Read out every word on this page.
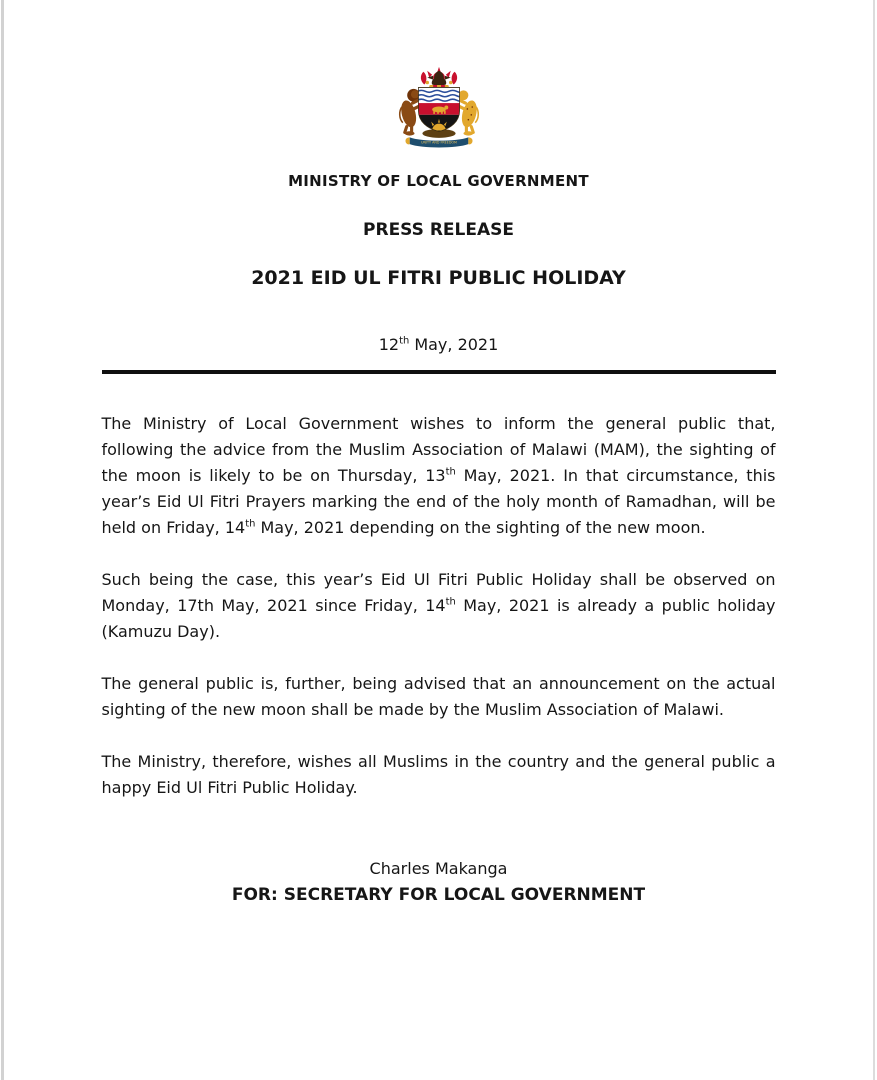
UNITY AND FREEDOM
MINISTRY OF LOCAL GOVERNMENT
PRESS RELEASE
2021 EID UL FITRI PUBLIC HOLIDAY
12th May, 2021

The Ministry of Local Government wishes to inform the general public that, following the advice from the Muslim Association of Malawi (MAM), the sighting of the moon is likely to be on Thursday, 13th May, 2021. In that circumstance, this year’s Eid Ul Fitri Prayers marking the end of the holy month of Ramadhan, will be held on Friday, 14th May, 2021 depending on the sighting of the new moon.

Such being the case, this year’s Eid Ul Fitri Public Holiday shall be observed on Monday, 17th May, 2021 since Friday, 14th May, 2021 is already a public holiday (Kamuzu Day).

The general public is, further, being advised that an announcement on the actual sighting of the new moon shall be made by the Muslim Association of Malawi.

The Ministry, therefore, wishes all Muslims in the country and the general public a happy Eid Ul Fitri Public Holiday.

Charles Makanga
FOR: SECRETARY FOR LOCAL GOVERNMENT
